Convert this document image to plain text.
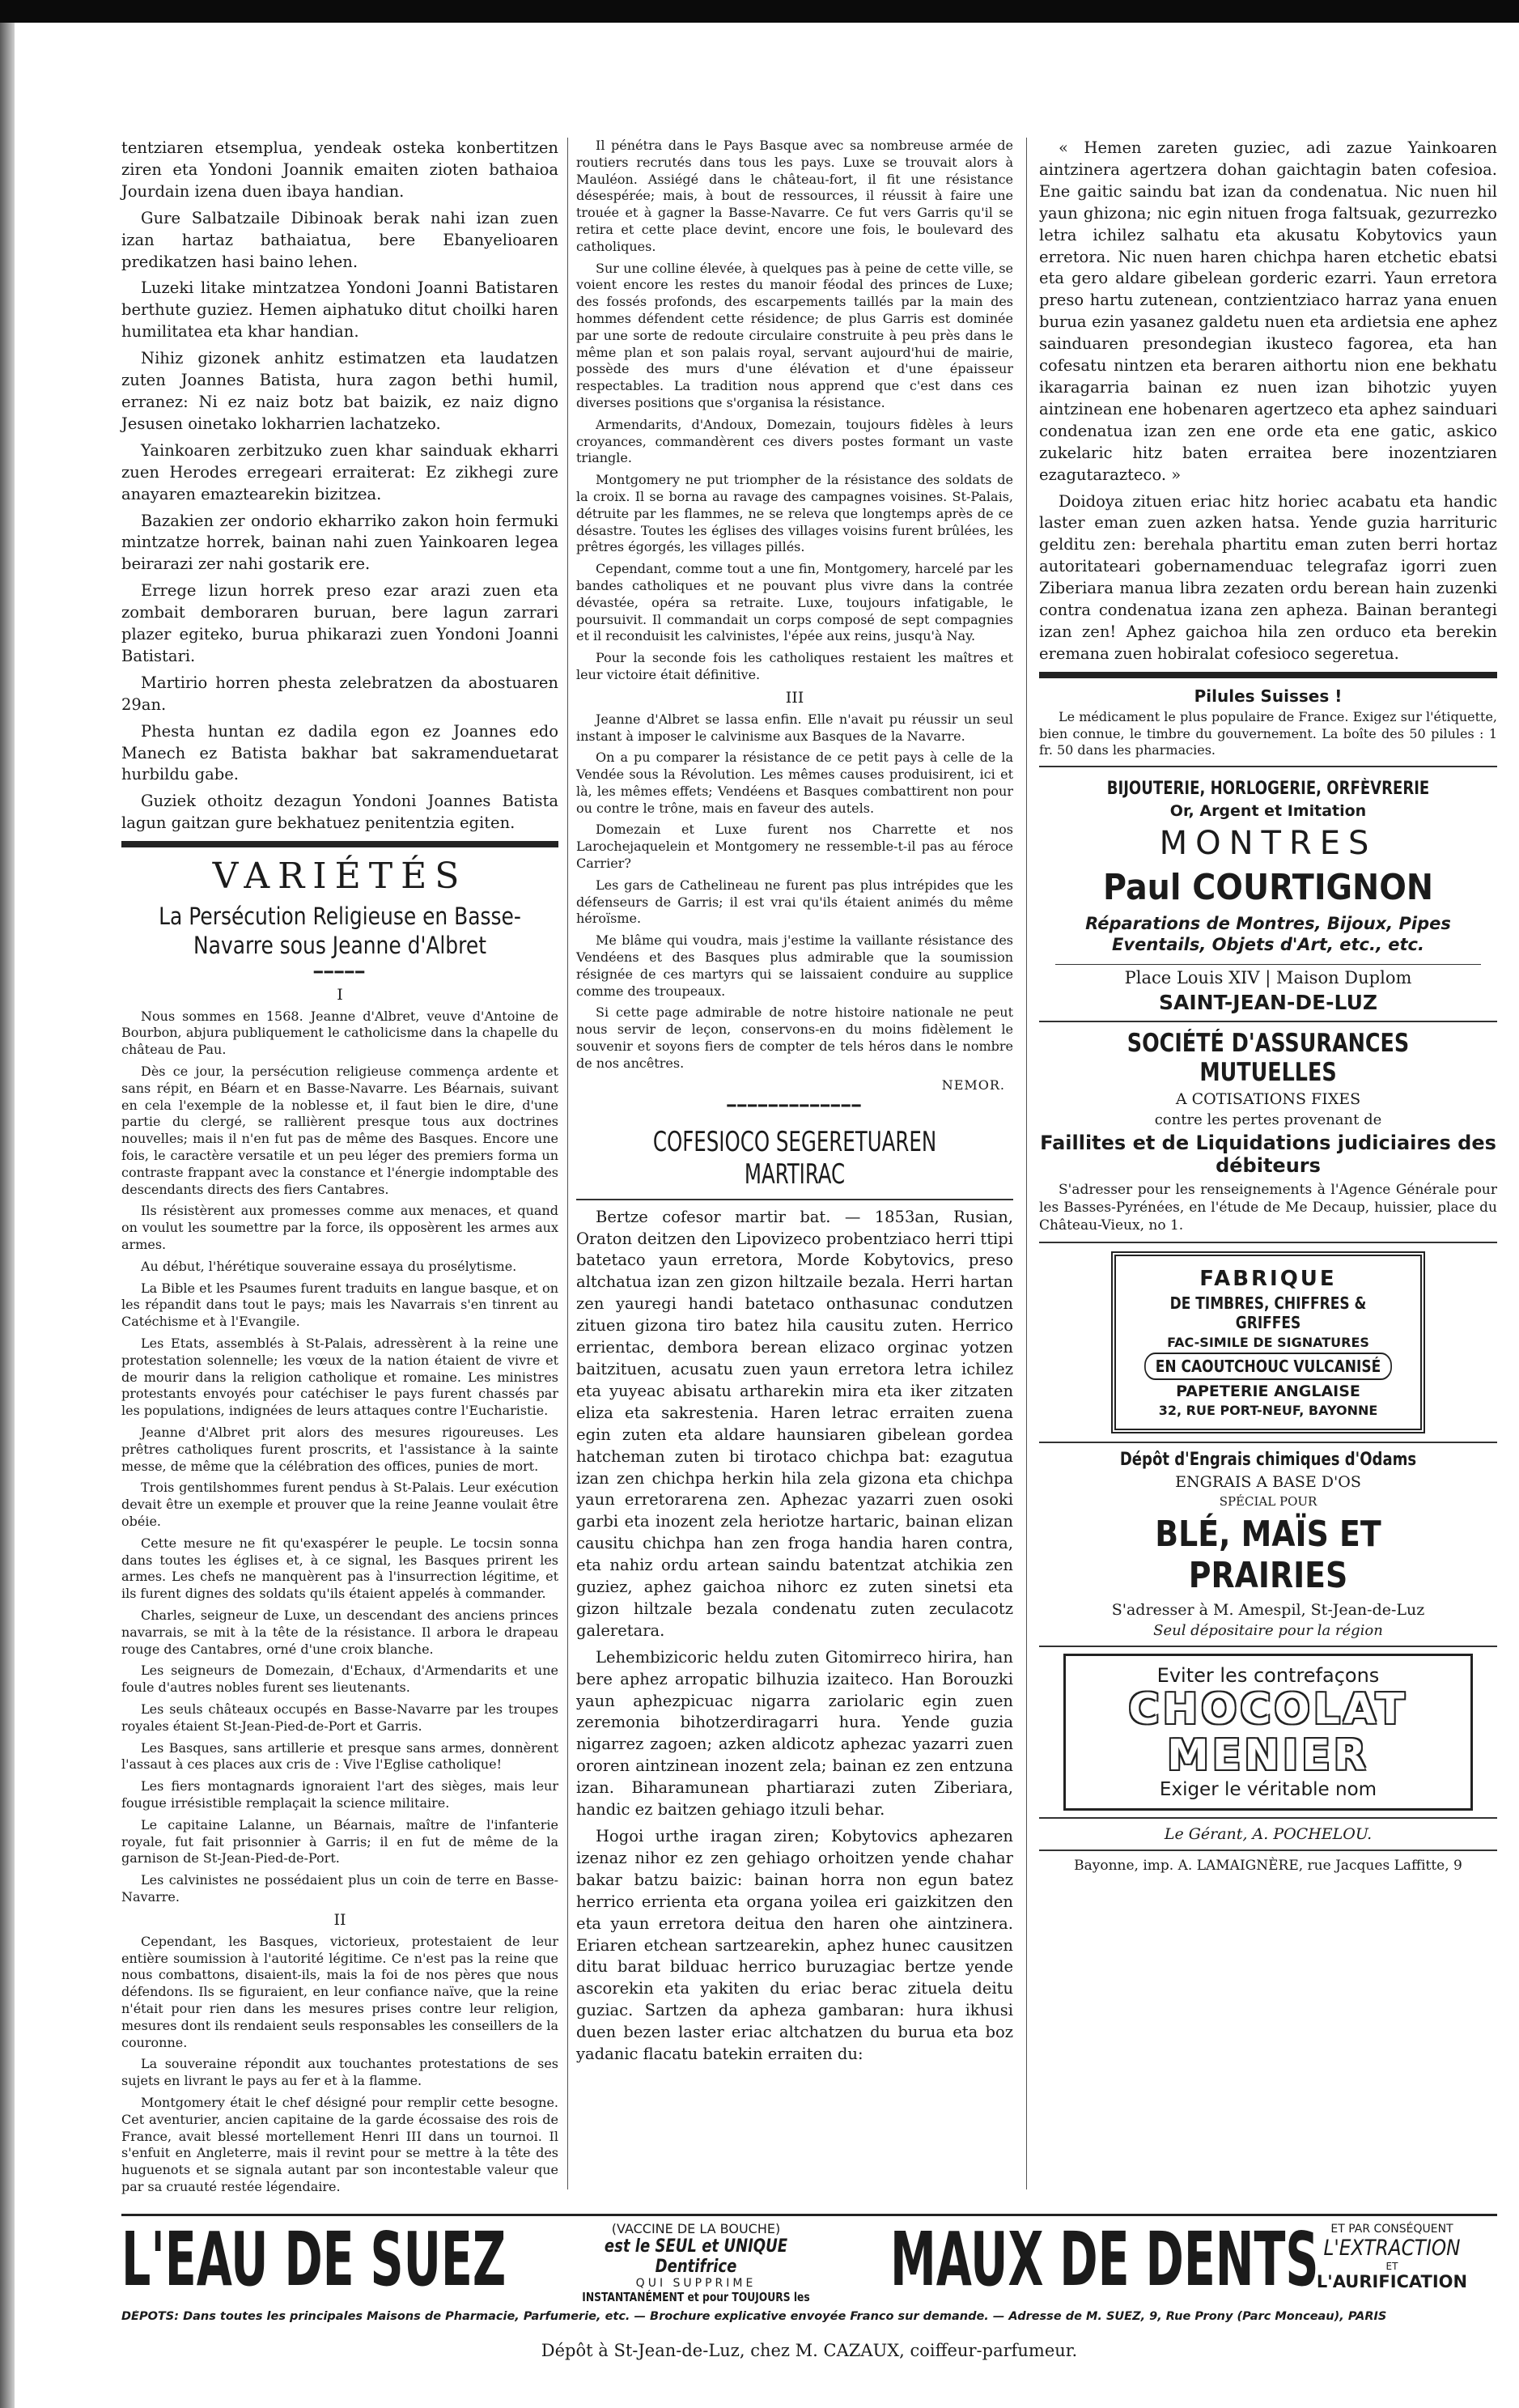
tentziaren etsemplua, yendeak osteka konbertitzen ziren eta Yondoni Joannik emaiten zioten bathaioa Jourdain izena duen ibaya handian.

Gure Salbatzaile Dibinoak berak nahi izan zuen izan hartaz bathaiatua, bere Ebanyelioaren predikatzen hasi baino lehen.

Luzeki litake mintzatzea Yondoni Joanni Batistaren berthute guziez. Hemen aiphatuko ditut choilki haren humilitatea eta khar handian.

Nihiz gizonek anhitz estimatzen eta laudatzen zuten Joannes Batista, hura zagon bethi humil, erranez: Ni ez naiz botz bat baizik, ez naiz digno Jesusen oinetako lokharrien lachatzeko.

Yainkoaren zerbitzuko zuen khar sainduak ekharri zuen Herodes erregeari erraiterat: Ez zikhegi zure anayaren emaztearekin bizitzea.

Bazakien zer ondorio ekharriko zakon hoin fermuki mintzatze horrek, bainan nahi zuen Yainkoaren legea beirarazi zer nahi gostarik ere.

Errege lizun horrek preso ezar arazi zuen eta zombait demboraren buruan, bere lagun zarrari plazer egiteko, burua phikarazi zuen Yondoni Joanni Batistari.

Martirio horren phesta zelebratzen da abostuaren 29an.

Phesta huntan ez dadila egon ez Joannes edo Manech ez Batista bakhar bat sakramenduetarat hurbildu gabe.

Guziek othoitz dezagun Yondoni Joannes Batista lagun gaitzan gure bekhatuez penitentzia egiten.

VARIÉTÉS
La Persécution Religieuse en Basse-
Navarre sous Jeanne d'Albret
━━━━━
I

Nous sommes en 1568. Jeanne d'Albret, veuve d'Antoine de Bourbon, abjura publiquement le catholicisme dans la chapelle du château de Pau.

Dès ce jour, la persécution religieuse commença ardente et sans répit, en Béarn et en Basse-Navarre. Les Béarnais, suivant en cela l'exemple de la noblesse et, il faut bien le dire, d'une partie du clergé, se rallièrent presque tous aux doctrines nouvelles; mais il n'en fut pas de même des Basques. Encore une fois, le caractère versatile et un peu léger des premiers forma un contraste frappant avec la constance et l'énergie indomptable des descendants directs des fiers Cantabres.

Ils résistèrent aux promesses comme aux menaces, et quand on voulut les soumettre par la force, ils opposèrent les armes aux armes.

Au début, l'hérétique souveraine essaya du prosélytisme.

La Bible et les Psaumes furent traduits en langue basque, et on les répandit dans tout le pays; mais les Navarrais s'en tinrent au Catéchisme et à l'Evangile.

Les Etats, assemblés à St-Palais, adressèrent à la reine une protestation solennelle; les vœux de la nation étaient de vivre et de mourir dans la religion catholique et romaine. Les ministres protestants envoyés pour catéchiser le pays furent chassés par les populations, indignées de leurs attaques contre l'Eucharistie.

Jeanne d'Albret prit alors des mesures rigoureuses. Les prêtres catholiques furent proscrits, et l'assistance à la sainte messe, de même que la célébration des offices, punies de mort.

Trois gentilshommes furent pendus à St-Palais. Leur exécution devait être un exemple et prouver que la reine Jeanne voulait être obéie.

Cette mesure ne fit qu'exaspérer le peuple. Le tocsin sonna dans toutes les églises et, à ce signal, les Basques prirent les armes. Les chefs ne manquèrent pas à l'insurrection légitime, et ils furent dignes des soldats qu'ils étaient appelés à commander.

Charles, seigneur de Luxe, un descendant des anciens princes navarrais, se mit à la tête de la résistance. Il arbora le drapeau rouge des Cantabres, orné d'une croix blanche.

Les seigneurs de Domezain, d'Echaux, d'Armendarits et une foule d'autres nobles furent ses lieutenants.

Les seuls châteaux occupés en Basse-Navarre par les troupes royales étaient St-Jean-Pied-de-Port et Garris.

Les Basques, sans artillerie et presque sans armes, donnèrent l'assaut à ces places aux cris de : Vive l'Eglise catholique!

Les fiers montagnards ignoraient l'art des sièges, mais leur fougue irrésistible remplaçait la science militaire.

Le capitaine Lalanne, un Béarnais, maître de l'infanterie royale, fut fait prisonnier à Garris; il en fut de même de la garnison de St-Jean-Pied-de-Port.

Les calvinistes ne possédaient plus un coin de terre en Basse-Navarre.

II

Cependant, les Basques, victorieux, protestaient de leur entière soumission à l'autorité légitime. Ce n'est pas la reine que nous combattons, disaient-ils, mais la foi de nos pères que nous défendons. Ils se figuraient, en leur confiance naïve, que la reine n'était pour rien dans les mesures prises contre leur religion, mesures dont ils rendaient seuls responsables les conseillers de la couronne.

La souveraine répondit aux touchantes protestations de ses sujets en livrant le pays au fer et à la flamme.

Montgomery était le chef désigné pour remplir cette besogne. Cet aventurier, ancien capitaine de la garde écossaise des rois de France, avait blessé mortellement Henri III dans un tournoi. Il s'enfuit en Angleterre, mais il revint pour se mettre à la tête des huguenots et se signala autant par son incontestable valeur que par sa cruauté restée légendaire.

Il pénétra dans le Pays Basque avec sa nombreuse armée de routiers recrutés dans tous les pays. Luxe se trouvait alors à Mauléon. Assiégé dans le château-fort, il fit une résistance désespérée; mais, à bout de ressources, il réussit à faire une trouée et à gagner la Basse-Navarre. Ce fut vers Garris qu'il se retira et cette place devint, encore une fois, le boulevard des catholiques.

Sur une colline élevée, à quelques pas à peine de cette ville, se voient encore les restes du manoir féodal des princes de Luxe; des fossés profonds, des escarpements taillés par la main des hommes défendent cette résidence; de plus Garris est dominée par une sorte de redoute circulaire construite à peu près dans le même plan et son palais royal, servant aujourd'hui de mairie, possède des murs d'une élévation et d'une épaisseur respectables. La tradition nous apprend que c'est dans ces diverses positions que s'organisa la résistance.

Armendarits, d'Andoux, Domezain, toujours fidèles à leurs croyances, commandèrent ces divers postes formant un vaste triangle.

Montgomery ne put triompher de la résistance des soldats de la croix. Il se borna au ravage des campagnes voisines. St-Palais, détruite par les flammes, ne se releva que longtemps après de ce désastre. Toutes les églises des villages voisins furent brûlées, les prêtres égorgés, les villages pillés.

Cependant, comme tout a une fin, Montgomery, harcelé par les bandes catholiques et ne pouvant plus vivre dans la contrée dévastée, opéra sa retraite. Luxe, toujours infatigable, le poursuivit. Il commandait un corps composé de sept compagnies et il reconduisit les calvinistes, l'épée aux reins, jusqu'à Nay.

Pour la seconde fois les catholiques restaient les maîtres et leur victoire était définitive.

III

Jeanne d'Albret se lassa enfin. Elle n'avait pu réussir un seul instant à imposer le calvinisme aux Basques de la Navarre.

On a pu comparer la résistance de ce petit pays à celle de la Vendée sous la Révolution. Les mêmes causes produisirent, ici et là, les mêmes effets; Vendéens et Basques combattirent non pour ou contre le trône, mais en faveur des autels.

Domezain et Luxe furent nos Charrette et nos Larochejaquelein et Montgomery ne ressemble-t-il pas au féroce Carrier?

Les gars de Cathelineau ne furent pas plus intrépides que les défenseurs de Garris; il est vrai qu'ils étaient animés du même héroïsme.

Me blâme qui voudra, mais j'estime la vaillante résistance des Vendéens et des Basques plus admirable que la soumission résignée de ces martyrs qui se laissaient conduire au supplice comme des troupeaux.

Si cette page admirable de notre histoire nationale ne peut nous servir de leçon, conservons-en du moins fidèlement le souvenir et soyons fiers de compter de tels héros dans le nombre de nos ancêtres.

NEMOR.
━━━━━━━━━━━━━
COFESIOCO SEGERETUAREN MARTIRAC

Bertze cofesor martir bat. — 1853an, Rusian, Oraton deitzen den Lipovizeco probentziaco herri ttipi batetaco yaun erretora, Morde Kobytovics, preso altchatua izan zen gizon hiltzaile bezala. Herri hartan zen yauregi handi batetaco onthasunac condutzen zituen gizona tiro batez hila causitu zuten. Herrico errientac, dembora berean elizaco orginac yotzen baitzituen, acusatu zuen yaun erretora letra ichilez eta yuyeac abisatu artharekin mira eta iker zitzaten eliza eta sakrestenia. Haren letrac erraiten zuena egin zuten eta aldare haunsiaren gibelean gordea hatcheman zuten bi tirotaco chichpa bat: ezagutua izan zen chichpa herkin hila zela gizona eta chichpa yaun erretorarena zen. Aphezac yazarri zuen osoki garbi eta inozent zela heriotze hartaric, bainan elizan causitu chichpa han zen froga handia haren contra, eta nahiz ordu artean saindu batentzat atchikia zen guziez, aphez gaichoa nihorc ez zuten sinetsi eta gizon hiltzale bezala condenatu zuten zeculacotz galeretara.

Lehembizicoric heldu zuten Gitomirreco hirira, han bere aphez arropatic bilhuzia izaiteco. Han Borouzki yaun aphezpicuac nigarra zariolaric egin zuen zeremonia bihotzerdiragarri hura. Yende guzia nigarrez zagoen; azken aldicotz aphezac yazarri zuen ororen aintzinean inozent zela; bainan ez zen entzuna izan. Biharamunean phartiarazi zuten Ziberiara, handic ez baitzen gehiago itzuli behar.

Hogoi urthe iragan ziren; Kobytovics aphezaren izenaz nihor ez zen gehiago orhoitzen yende chahar bakar batzu baizic: bainan horra non egun batez herrico errienta eta organa yoilea eri gaizkitzen den eta yaun erretora deitua den haren ohe aintzinera. Eriaren etchean sartzearekin, aphez hunec causitzen ditu barat bilduac herrico buruzagiac bertze yende ascorekin eta yakiten du eriac berac zituela deitu guziac. Sartzen da apheza gambaran: hura ikhusi duen bezen laster eriac altchatzen du burua eta boz yadanic flacatu batekin erraiten du:

« Hemen zareten guziec, adi zazue Yainkoaren aintzinera agertzera dohan gaichtagin baten cofesioa. Ene gaitic saindu bat izan da condenatua. Nic nuen hil yaun ghizona; nic egin nituen froga faltsuak, gezurrezko letra ichilez salhatu eta akusatu Kobytovics yaun erretora. Nic nuen haren chichpa haren etchetic ebatsi eta gero aldare gibelean gorderic ezarri. Yaun erretora preso hartu zutenean, contzientziaco harraz yana enuen burua ezin yasanez galdetu nuen eta ardietsia ene aphez sainduaren presondegian ikusteco fagorea, eta han cofesatu nintzen eta beraren aithortu nion ene bekhatu ikaragarria bainan ez nuen izan bihotzic yuyen aintzinean ene hobenaren agertzeco eta aphez sainduari condenatua izan zen ene orde eta ene gatic, askico zukelaric hitz baten erraitea bere inozentziaren ezagutarazteco. »

Doidoya zituen eriac hitz horiec acabatu eta handic laster eman zuen azken hatsa. Yende guzia harrituric gelditu zen: berehala phartitu eman zuten berri hortaz autoritateari gobernamenduac telegrafaz igorri zuen Ziberiara manua libra zezaten ordu berean hain zuzenki contra condenatua izana zen apheza. Bainan berantegi izan zen! Aphez gaichoa hila zen orduco eta berekin eremana zuen hobiralat cofesioco segeretua.

Pilules Suisses !

Le médicament le plus populaire de France. Exigez sur l'étiquette, bien connue, le timbre du gouvernement. La boîte des 50 pilules : 1 fr. 50 dans les pharmacies.

BIJOUTERIE, HORLOGERIE, ORFÈVRERIE
Or, Argent et Imitation
MONTRES
Paul COURTIGNON
Réparations de Montres, Bijoux, Pipes Eventails, Objets d'Art, etc., etc.
Place Louis XIV | Maison Duplom
SAINT-JEAN-DE-LUZ
SOCIÉTÉ D'ASSURANCES MUTUELLES
A COTISATIONS FIXES
contre les pertes provenant de
Faillites et de Liquidations judiciaires des débiteurs

S'adresser pour les renseignements à l'Agence Générale pour les Basses-Pyrénées, en l'étude de Me Decaup, huissier, place du Château-Vieux, no 1.

FABRIQUE
DE TIMBRES, CHIFFRES & GRIFFES
FAC-SIMILE DE SIGNATURES
EN CAOUTCHOUC VULCANISÉ
PAPETERIE ANGLAISE
32, RUE PORT-NEUF, BAYONNE
Dépôt d'Engrais chimiques d'Odams
ENGRAIS A BASE D'OS
SPÉCIAL POUR
BLÉ, MAÏS ET PRAIRIES
S'adresser à M. Amespil, St-Jean-de-Luz
Seul dépositaire pour la région
Eviter les contrefaçons
CHOCOLAT
MENIER
Exiger le véritable nom
Le Gérant, A. POCHELOU.
Bayonne, imp. A. LAMAIGNÈRE, rue Jacques Laffitte, 9
L'EAU DE SUEZ	(VACCINE DE LA BOUCHE)
est le SEUL et UNIQUE Dentifrice
QUI SUPPRIME
INSTANTANÉMENT et pour TOUJOURS les MAUX DE DENTS	ET PAR CONSÉQUENT
L'EXTRACTION
ET
L'AURIFICATION
DÉPOTS: Dans toutes les principales Maisons de Pharmacie, Parfumerie, etc. — Brochure explicative envoyée Franco sur demande. — Adresse de M. SUEZ, 9, Rue Prony (Parc Monceau), PARIS
Dépôt à St-Jean-de-Luz, chez M. CAZAUX, coiffeur-parfumeur.
